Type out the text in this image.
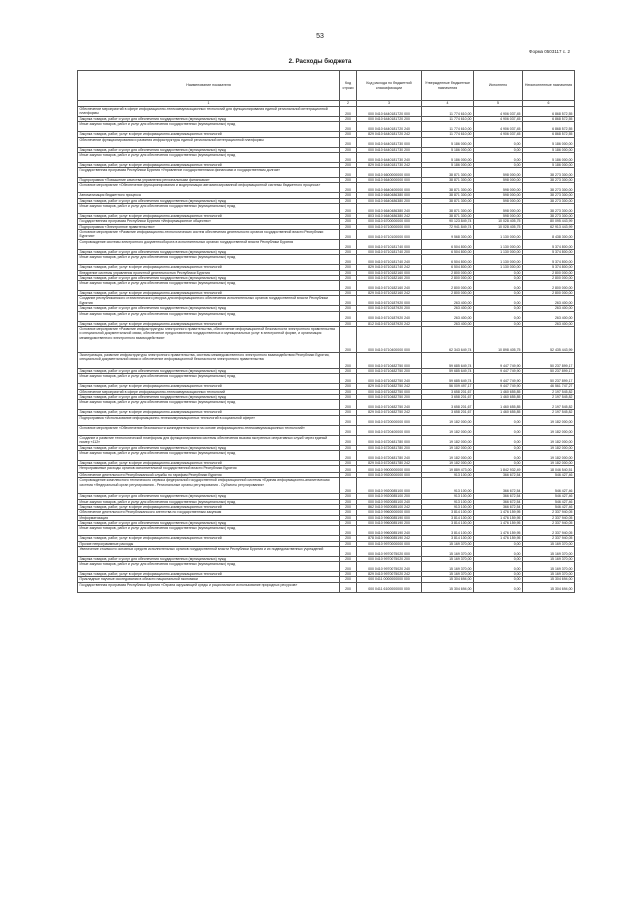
53
Форма 0503117 с. 2
2. Расходы бюджета
Наименование показателя	Код строки	Код расхода по бюджетной классификации	Утвержденные бюджетные назначения	Исполнено	Неисполненные назначения
1	2	3	4	5	6
Обеспечение мероприятий в сфере информационно-телекоммуникационных технологий для функционирования единой региональной интеграционной платформы	200	000 0410 6440181720 000	11 774 610,00	4 906 037,45	6 868 572,55
Закупка товаров, работ и услуг для обеспечения государственных (муниципальных) нужд	200	000 0410 6440181720 200	11 774 610,00	4 906 037,45	6 868 572,55
Иные закупки товаров, работ и услуг для обеспечения государственных (муниципальных) нужд	200	000 0410 6440181720 240	11 774 610,00	4 906 037,45	6 868 572,55
Закупка товаров, работ, услуг в сфере информационно-коммуникационных технологий	200	829 0410 6440181720 242	11 774 610,00	4 906 037,45	6 868 572,55
Обеспечение функционирования и развития инфраструктуры единой региональной интеграционной платформы	200	000 0410 6440181730 000	5 186 000,00	0,00	5 186 000,00
Закупка товаров, работ и услуг для обеспечения государственных (муниципальных) нужд	200	000 0410 6440181730 200	5 186 000,00	0,00	5 186 000,00
Иные закупки товаров, работ и услуг для обеспечения государственных (муниципальных) нужд	200	000 0410 6440181730 240	5 186 000,00	0,00	5 186 000,00
Закупка товаров, работ, услуг в сфере информационно-коммуникационных технологий	200	829 0410 6440181730 242	5 186 000,00	0,00	5 186 000,00
Государственная программа Республики Бурятия «Управление государственными финансами и государственным долгом»	200	000 0410 6600000000 000	38 871 300,00	598 000,00	38 273 300,00
Подпрограмма «Повышение качества управления региональными финансами»	200	000 0410 6640000000 000	38 871 300,00	598 000,00	38 273 300,00
Основное мероприятие «Обеспечение функционирования и модернизации автоматизированной информационной системы бюджетного процесса»	200	000 0410 6640400000 000	38 871 300,00	598 000,00	38 273 300,00
Автоматизация бюджетного процесса	200	000 0410 6640486380 000	38 871 300,00	598 000,00	38 273 300,00
Закупка товаров, работ и услуг для обеспечения государственных (муниципальных) нужд	200	000 0410 6640486380 200	38 871 300,00	598 000,00	38 273 300,00
Иные закупки товаров, работ и услуг для обеспечения государственных (муниципальных) нужд	200	000 0410 6640486380 240	38 871 300,00	598 000,00	38 273 300,00
Закупка товаров, работ, услуг в сфере информационно-коммуникационных технологий	200	803 0410 6640486380 242	38 871 300,00	598 000,00	38 273 300,00
Государственная программа Республики Бурятия «Информационное общество»	200	000 0410 6700000000 000	90 123 849,74	10 028 405,75	80 095 443,99
Подпрограмма «Электронное правительство»	200	000 0410 6710000000 000	72 941 849,74	10 028 405,75	62 913 443,99
Основное мероприятие «Развитие информационно-технологических систем обеспечения деятельности органов государственной власти Республики Бурятия»	200	000 0410 6710100000 000	9 568 300,00	1 130 000,00	8 438 300,00
Сопровождение системы электронного документооборота в исполнительных органах государственной власти Республики Бурятия	200	000 0410 6710181740 000	6 504 800,00	1 130 000,00	5 374 800,00
Закупка товаров, работ и услуг для обеспечения государственных (муниципальных) нужд	200	000 0410 6710181740 200	6 504 800,00	1 130 000,00	5 374 800,00
Иные закупки товаров, работ и услуг для обеспечения государственных (муниципальных) нужд	200	000 0410 6710181740 240	6 504 800,00	1 130 000,00	5 374 800,00
Закупка товаров, работ, услуг в сфере информационно-коммуникационных технологий	200	829 0410 6710181740 242	6 504 800,00	1 130 000,00	5 374 800,00
Внедрение системы управления проектной деятельностью Республики Бурятия	200	000 0410 6710182160 000	2 800 000,00	0,00	2 800 000,00
Закупка товаров, работ и услуг для обеспечения государственных (муниципальных) нужд	200	000 0410 6710182160 200	2 800 000,00	0,00	2 800 000,00
Иные закупки товаров, работ и услуг для обеспечения государственных (муниципальных) нужд	200	000 0410 6710182160 240	2 800 000,00	0,00	2 800 000,00
Закупка товаров, работ, услуг в сфере информационно-коммуникационных технологий	200	829 0410 6710182160 242	2 800 000,00	0,00	2 800 000,00
Создание республиканского статистического ресурса для информационного обеспечения исполнительных органов государственной власти Республики Бурятия	200	000 0410 6710187920 000	263 400,00	0,00	263 400,00
Закупка товаров, работ и услуг для обеспечения государственных (муниципальных) нужд	200	000 0410 6710187920 200	263 400,00	0,00	263 400,00
Иные закупки товаров, работ и услуг для обеспечения государственных (муниципальных) нужд	200	000 0410 6710187920 240	263 400,00	0,00	263 400,00
Закупка товаров, работ, услуг в сфере информационно-коммуникационных технологий	200	812 0410 6710187920 242	263 400,00	0,00	263 400,00
Основное мероприятие «Развитие инфраструктуры электронного правительства, обеспечение информационной безопасности электронного правительства и специальной документальной связи, обеспечение предоставления государственных и муниципальных услуг в электронной форме, и организация межведомственного электронного взаимодействия»	200	000 0410 6710400000 000	62 343 649,74	10 898 405,75	52 435 443,99
Эксплуатация, развитие инфраструктуры электронного правительства, системы межведомственного электронного взаимодействия Республики Бурятия, специальной документальной связи и обеспечение информационной безопасности электронного правительства	200	000 0410 6710482750 000	59 685 649,74	9 447 749,90	50 237 899,17
Закупка товаров, работ и услуг для обеспечения государственных (муниципальных) нужд	200	000 0410 6710482750 200	59 685 649,74	9 447 749,90	50 237 899,17
Иные закупки товаров, работ и услуг для обеспечения государственных (муниципальных) нужд	200	000 0410 6710482750 240	59 685 649,74	9 447 749,90	50 237 899,17
Закупка товаров, работ, услуг в сфере информационно-коммуникационных технологий	200	829 0410 6710482750 242	56 009 497,17	9 447 749,90	46 561 747,27
Обеспечение мероприятий в сфере информационно-телекоммуникационных технологий	200	000 0410 6710482750 000	3 658 201,67	1 460 655,85	2 197 545,82
Закупка товаров, работ и услуг для обеспечения государственных (муниципальных) нужд	200	000 0410 6710482750 200	3 658 201,67	1 460 655,85	2 197 545,82
Иные закупки товаров, работ и услуг для обеспечения государственных (муниципальных) нужд	200	000 0410 6710482750 240	3 658 201,67	1 460 655,85	2 197 545,82
Закупка товаров, работ, услуг в сфере информационно-коммуникационных технологий	200	829 0410 6710482750 242	3 658 201,67	1 460 655,85	2 197 545,82
Подпрограмма «Использование информационно-телекоммуникационных технологий в социальной сфере»	200	000 0410 6720000000 000	19 182 000,00	0,00	19 182 000,00
Основное мероприятие «Обеспечение безопасности жизнедеятельности на основе информационно-телекоммуникационных технологий»	200	000 0410 6720400000 000	19 182 000,00	0,00	19 182 000,00
Создание и развитие технологической платформы для функционирования системы обеспечения вызова экстренных оперативных служб через единый номер «112»	200	000 0410 6720481780 000	19 182 000,00	0,00	19 182 000,00
Закупка товаров, работ и услуг для обеспечения государственных (муниципальных) нужд	200	000 0410 6720481780 200	19 182 000,00	0,00	19 182 000,00
Иные закупки товаров, работ и услуг для обеспечения государственных (муниципальных) нужд	200	000 0410 6720481780 240	19 182 000,00	0,00	19 182 000,00
Закупка товаров, работ, услуг в сфере информационно-коммуникационных технологий	200	829 0410 6720481780 242	19 182 000,00	0,00	19 182 000,00
Непрограммные расходы органов исполнительной государственной власти Республики Бурятия	200	000 0410 9900000000 000	19 889 473,00	1 842 932,49	18 046 540,51
Обеспечение деятельности Республиканской службы по тарифам Республики Бурятия	200	000 0410 9920000000 000	913 100,00	366 672,54	546 427,46
Сопровождение комплексного технического сервиса федеральной государственной информационной системы «Единая информационно-аналитическая система «Федеральный орган регулирования - Региональные органы регулирования - Субъекты регулирования»	200	000 0410 9920085100 000	913 100,00	366 672,54	546 427,46
Закупка товаров, работ и услуг для обеспечения государственных (муниципальных) нужд	200	000 0410 9920085100 200	913 100,00	366 672,54	546 427,46
Иные закупки товаров, работ и услуг для обеспечения государственных (муниципальных) нужд	200	000 0410 9920085100 240	913 100,00	366 672,54	546 427,46
Закупка товаров, работ, услуг в сфере информационно-коммуникационных технологий	200	862 0410 9920085100 242	913 100,00	366 672,54	546 427,46
Обеспечение деятельности Республиканского агентства по государственным закупкам	200	000 0410 9960000000 000	3 814 100,00	1 476 159,95	2 337 940,05
Информатизация	200	000 0410 9960085190 000	3 814 100,00	1 476 159,95	2 337 940,05
Закупка товаров, работ и услуг для обеспечения государственных (муниципальных) нужд	200	000 0410 9960085190 200	3 814 100,00	1 476 159,95	2 337 940,05
Иные закупки товаров, работ и услуг для обеспечения государственных (муниципальных) нужд	200	000 0410 9960085190 240	3 814 100,00	1 476 159,95	2 337 940,05
Закупка товаров, работ, услуг в сфере информационно-коммуникационных технологий	200	878 0410 9960085190 242	3 814 100,00	1 476 159,95	2 337 940,05
Прочие непрограммные расходы	200	000 0410 9970000000 000	15 169 370,00	0,00	15 169 370,00
Увеличение стоимости основных средств исполнительных органов государственной власти Республики Бурятия и их подведомственных учреждений	200	000 0410 9970075020 000	15 169 370,00	0,00	15 169 370,00
Закупка товаров, работ и услуг для обеспечения государственных (муниципальных) нужд	200	000 0410 9970075020 200	15 169 370,00	0,00	15 169 370,00
Иные закупки товаров, работ и услуг для обеспечения государственных (муниципальных) нужд	200	000 0410 9970075020 240	15 169 370,00	0,00	15 169 370,00
Закупка товаров, работ, услуг в сфере информационно-коммуникационных технологий	200	829 0410 9970075020 242	15 169 370,00	0,00	15 169 370,00
Прикладные научные исследования в области национальной экономики	200	000 0411 0000000000 000	15 304 694,00	0,00	15 304 694,00
Государственная программа Республики Бурятия «Охрана окружающей среды и рациональное использование природных ресурсов»	200	000 0411 6100000000 000	15 304 694,00	0,00	15 304 694,00
